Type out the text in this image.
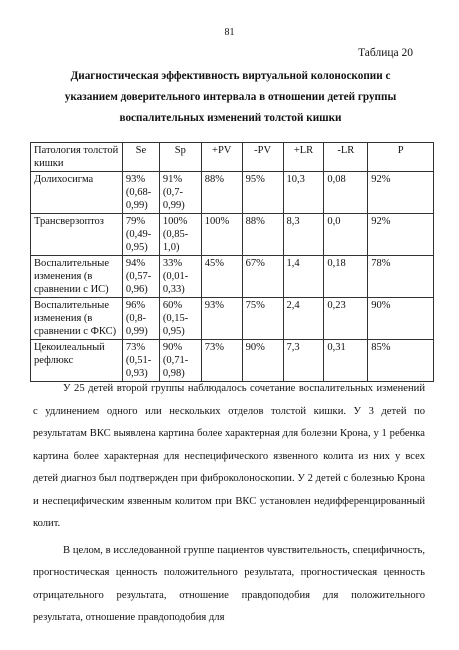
81
Таблица 20
Диагностическая эффективность виртуальной колоноскопии с указанием доверительного интервала в отношении детей группы воспалительных изменений толстой кишки
Патология толстой кишки	Se	Sp	+PV	-PV	+LR	-LR	P
Долихосигма	93% (0,68-0,99)	91% (0,7-0,99)	88%	95%	10,3	0,08	92%
Трансверзоптоз	79% (0,49-0,95)	100% (0,85-1,0)	100%	88%	8,3	0,0	92%
Воспалительные изменения (в сравнении с ИС)	94% (0,57-0,96)	33% (0,01-0,33)	45%	67%	1,4	0,18	78%
Воспалительные изменения (в сравнении с ФКС)	96% (0,8-0,99)	60% (0,15-0,95)	93%	75%	2,4	0,23	90%
Цекоилеальный рефлюкс	73% (0,51-0,93)	90% (0,71-0,98)	73%	90%	7,3	0,31	85%

У 25 детей второй группы наблюдалось сочетание воспалительных изменений с удлинением одного или нескольких отделов толстой кишки. У 3 детей по результатам ВКС выявлена картина более характерная для болезни Крона, у 1 ребенка картина более характерная для неспецифического язвенного колита из них у всех детей диагноз был подтвержден при фиброколоноскопии. У 2 детей с болезнью Крона и неспецифическим язвенным колитом при ВКС установлен недифференцированный колит.

В целом, в исследованной группе пациентов чувствительность, специфичность, прогностическая ценность положительного результата, прогностическая ценность отрицательного результата, отношение правдоподобия для положительного результата, отношение правдоподобия для
